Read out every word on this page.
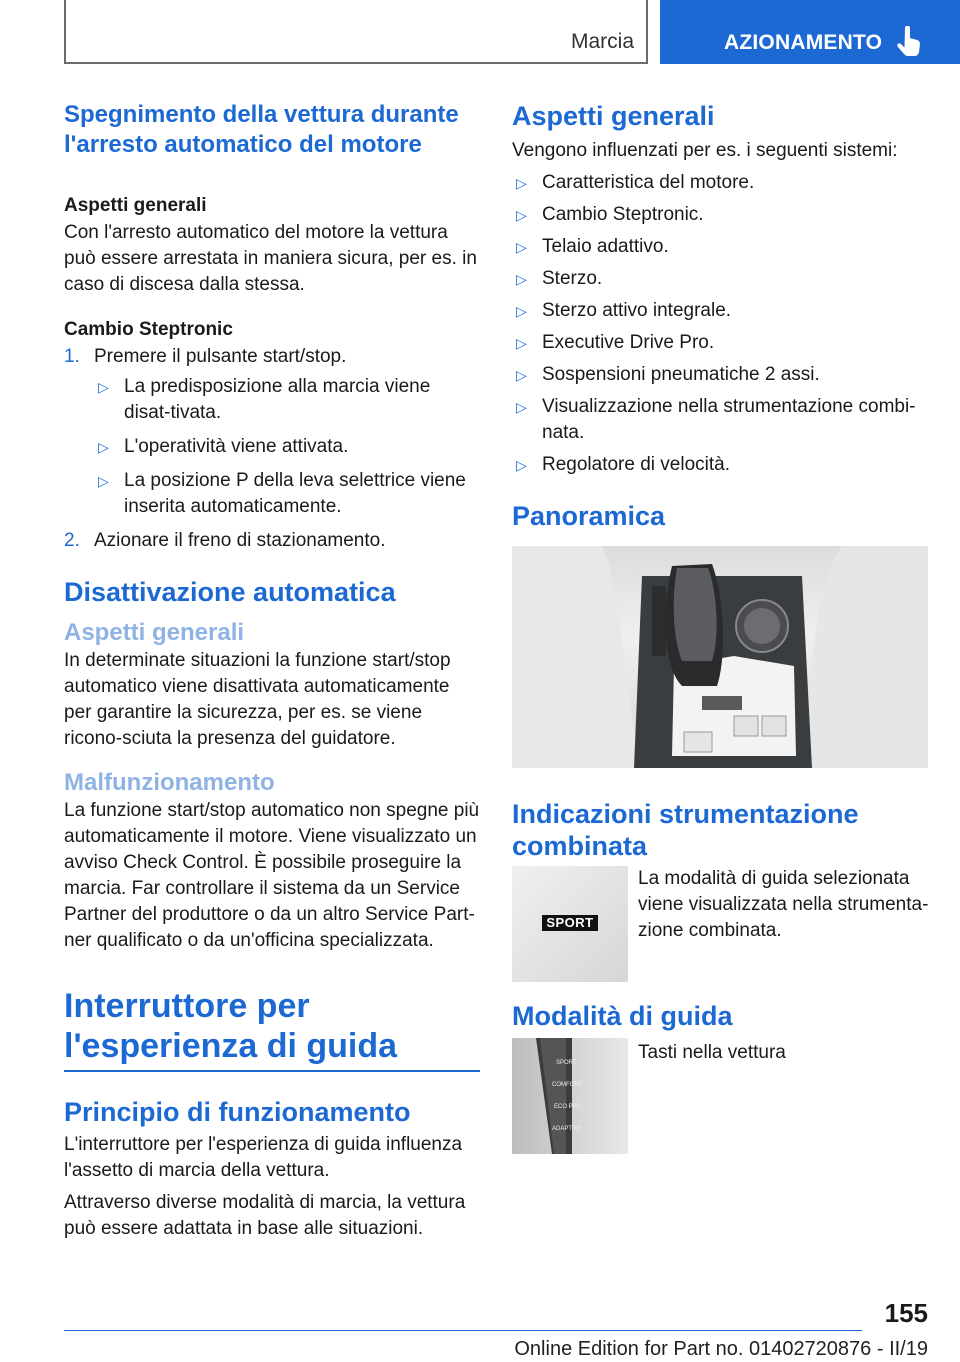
Marcia	AZIONAMENTO
Spegnimento della vettura durante l'arresto automatico del motore
Aspetti generali

Con l'arresto automatico del motore la vettura può essere arrestata in maniera sicura, per es. in caso di discesa dalla stessa.

Cambio Steptronic
1. Premere il pulsante start/stop.
▷ La predisposizione alla marcia viene disat-tivata.
▷ L'operatività viene attivata.
▷ La posizione P della leva selettrice viene inserita automaticamente.
2. Azionare il freno di stazionamento.
Disattivazione automatica
Aspetti generali

In determinate situazioni la funzione start/stop automatico viene disattivata automaticamente per garantire la sicurezza, per es. se viene ricono-sciuta la presenza del guidatore.

Malfunzionamento

La funzione start/stop automatico non spegne più automaticamente il motore. Viene visualizzato un avviso Check Control. È possibile proseguire la marcia. Far controllare il sistema da un Service Partner del produttore o da un altro Service Part-ner qualificato o da un'officina specializzata.

Interruttore per l'esperienza di guida
Principio di funzionamento

L'interruttore per l'esperienza di guida influenza l'assetto di marcia della vettura.

Attraverso diverse modalità di marcia, la vettura può essere adattata in base alle situazioni.

Aspetti generali

Vengono influenzati per es. i seguenti sistemi:

▷ Caratteristica del motore.
▷ Cambio Steptronic.
▷ Telaio adattivo.
▷ Sterzo.
▷ Sterzo attivo integrale.
▷ Executive Drive Pro.
▷ Sospensioni pneumatiche 2 assi.
▷ Visualizzazione nella strumentazione combi-nata.
▷ Regolatore di velocità.
Panoramica
Indicazioni strumentazione combinata
SPORT

La modalità di guida selezionata viene visualizzata nella strumenta-zione combinata.

Modalità di guida
SPORT
COMFORT
ECO PRO
ADAPTIVE

Tasti nella vettura

155
Online Edition for Part no. 01402720876 - II/19
